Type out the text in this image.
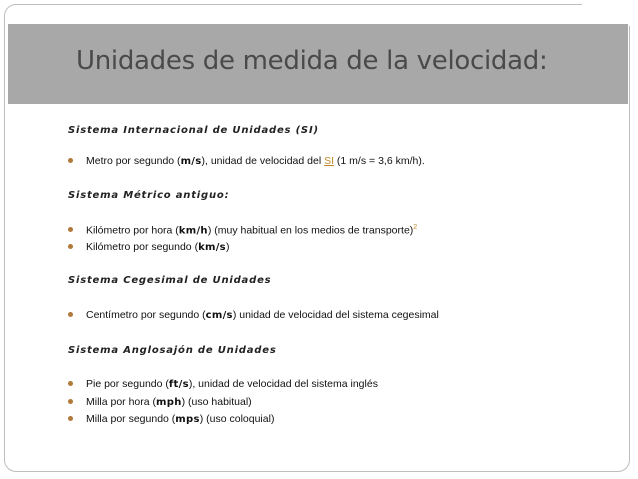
Unidades de medida de la velocidad:
Sistema Internacional de Unidades (SI)
Metro por segundo (m/s), unidad de velocidad del SI (1 m/s = 3,6 km/h).
Sistema Métrico antiguo:
Kilómetro por hora (km/h) (muy habitual en los medios de transporte)$^2$
Kilómetro por segundo (km/s)
Sistema Cegesimal de Unidades
Centímetro por segundo (cm/s) unidad de velocidad del sistema cegesimal
Sistema Anglosajón de Unidades
Pie por segundo (ft/s), unidad de velocidad del sistema inglés
Milla por hora (mph) (uso habitual)
Milla por segundo (mps) (uso coloquial)
